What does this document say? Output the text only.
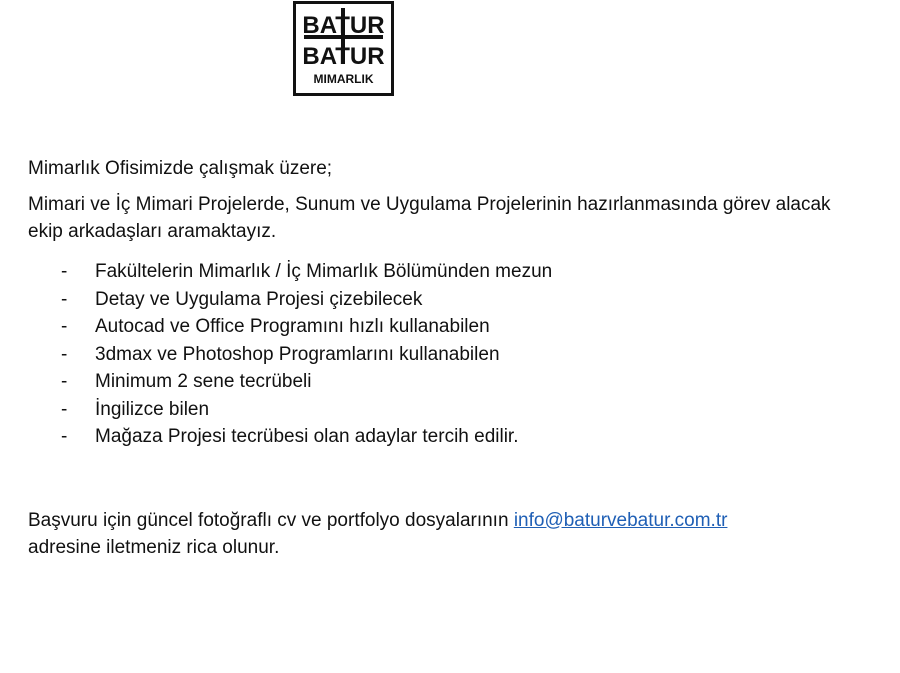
BATUR
BATUR
MIMARLIK

Mimarlık Ofisimizde çalışmak üzere;

Mimari ve İç Mimari Projelerde, Sunum ve Uygulama Projelerinin hazırlanmasında görev alacak ekip arkadaşları aramaktayız.

- Fakültelerin Mimarlık / İç Mimarlık Bölümünden mezun
- Detay ve Uygulama Projesi çizebilecek
- Autocad ve Office Programını hızlı kullanabilen
- 3dmax ve Photoshop Programlarını kullanabilen
- Minimum 2 sene tecrübeli
- İngilizce bilen
- Mağaza Projesi tecrübesi olan adaylar tercih edilir.

Başvuru için güncel fotoğraflı cv ve portfolyo dosyalarının info@baturvebatur.com.tr
adresine iletmeniz rica olunur.
